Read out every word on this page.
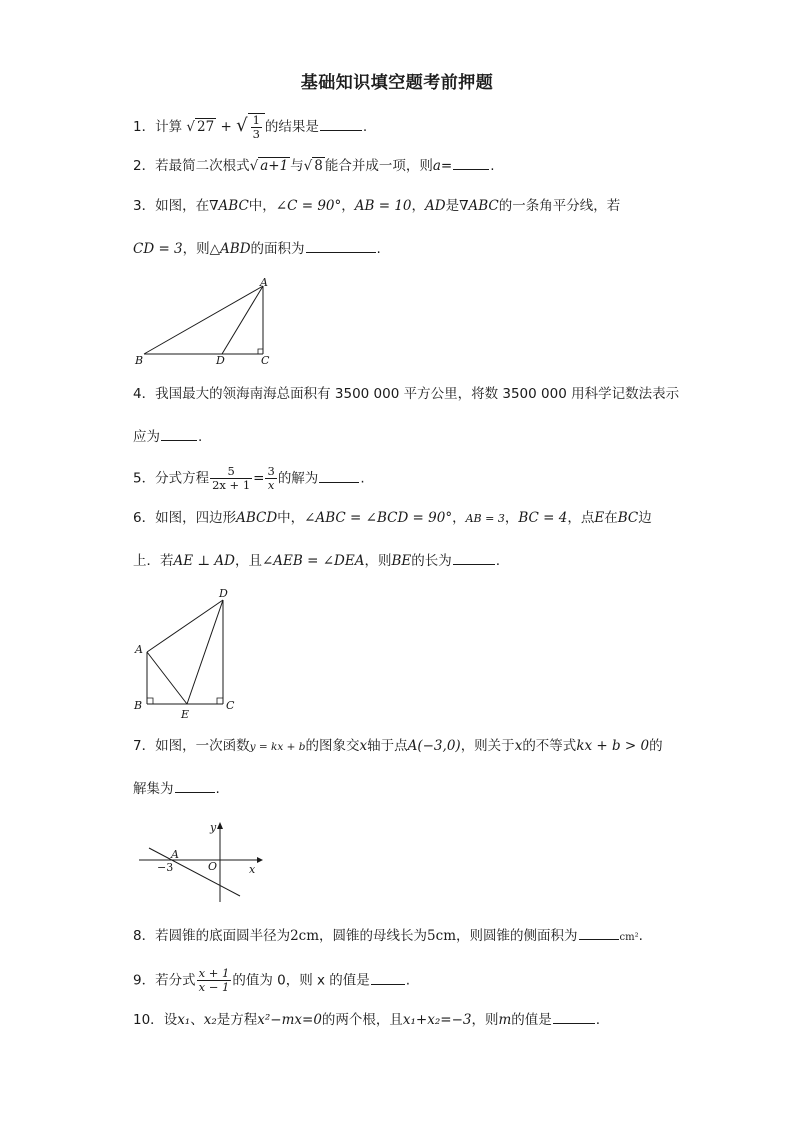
基础知识填空题考前押题
1．计算 √ 27 + √ $\frac{1}{3}$ 的结果是	.
2．若最简二次根式√ a+1 与√ 8 能合并成一项，则a=	.
3．如图，在∇ABC中，∠C = 90°，AB = 10，AD是∇ABC的一条角平分线，若
CD = 3，则△ABD的面积为	.
A
B	C
D
4．我国最大的领海南海总面积有 3500 000 平方公里，将数 3500 000 用科学记数法表示
应为	.
5．分式方程 $\frac{5}{2x + 1} = \frac{3}{x}$ 的解为	.
6．如图，四边形ABCD中，∠ABC = ∠BCD = 90°，AB = 3，BC = 4，点E在BC边
上．若AE ⊥ AD，且∠AEB = ∠DEA，则BE的长为	.
D
A
B	C
E
7．如图，一次函数y = kx + b的图象交x轴于点A(−3,0)，则关于x的不等式kx + b > 0的
解集为	.
y
x
A
O
−3
8．若圆锥的底面圆半径为2cm，圆锥的母线长为5cm，则圆锥的侧面积为	cm².
9．若分式 $\frac{x + 1}{x - 1}$ 的值为 0，则 x 的值是	.
10．设x₁、x₂是方程x²−mx=0的两个根，且x₁+x₂=−3，则m的值是	.
